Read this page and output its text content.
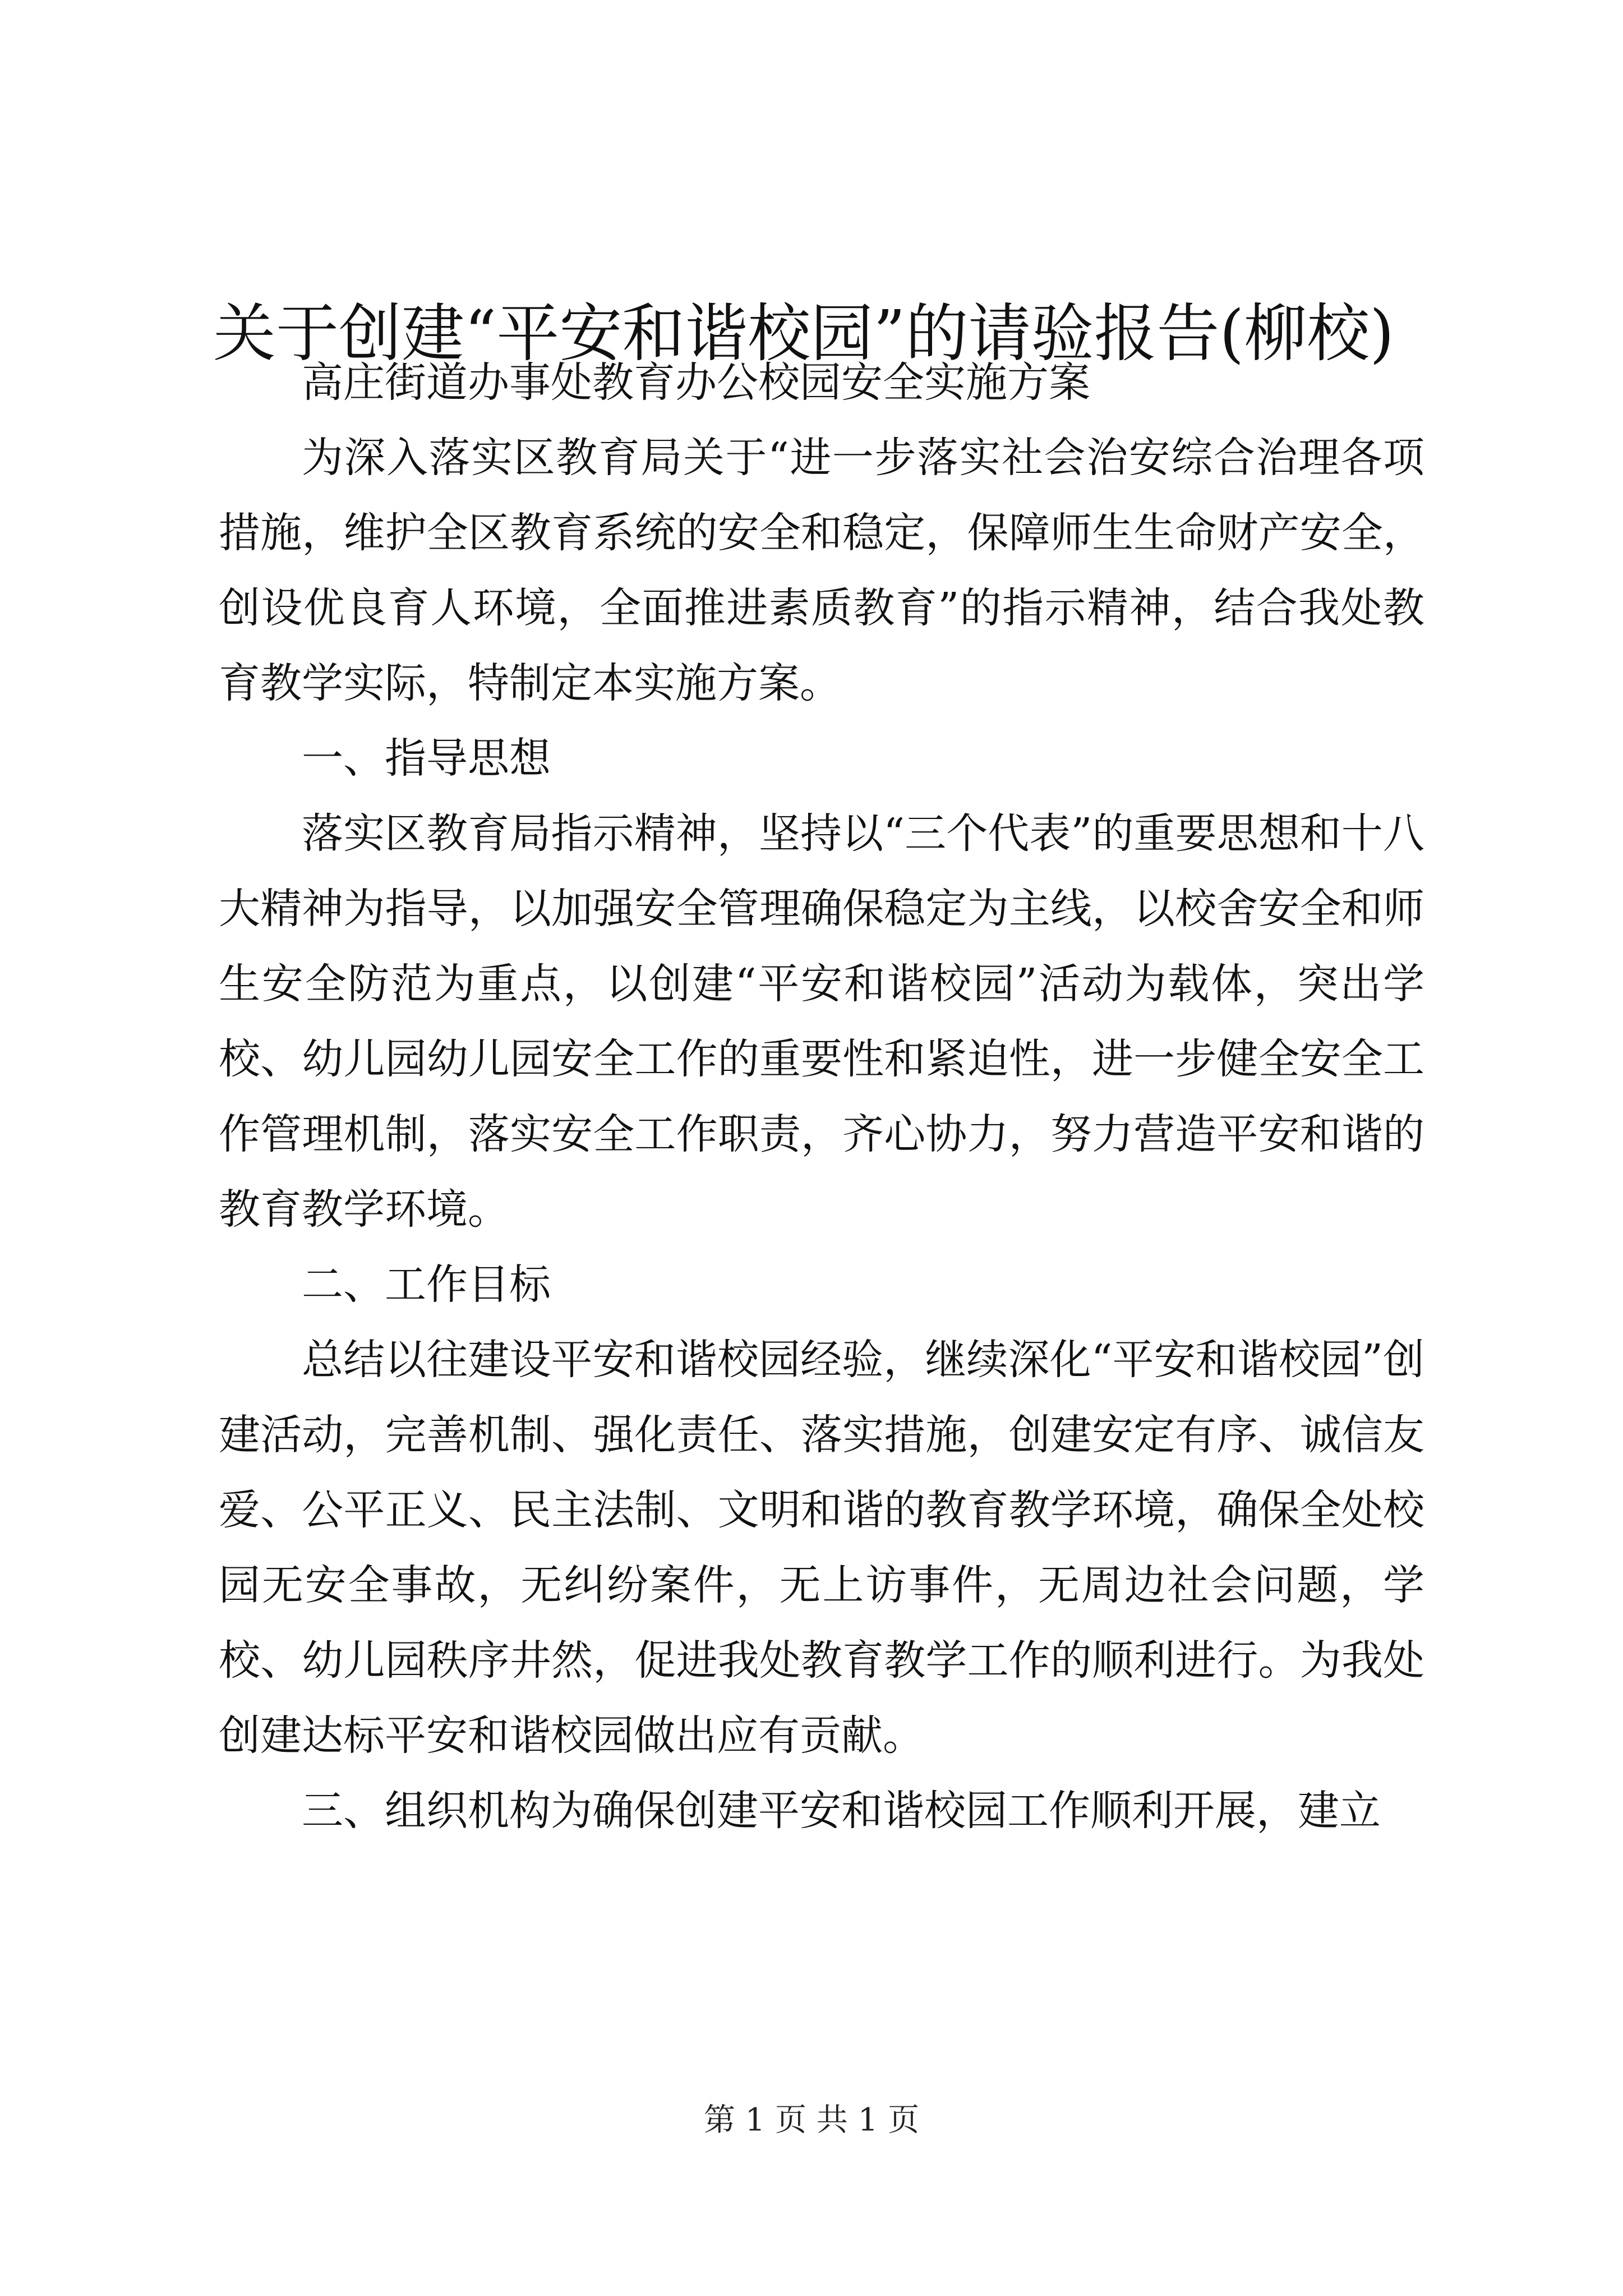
关于创建“平安和谐校园”的请验报告(柳校)

高庄街道办事处教育办公校园安全实施方案

为深入落实区教育局关于“进一步落实社会治安综合治理各项措施，维护全区教育系统的安全和稳定，保障师生生命财产安全，创设优良育人环境，全面推进素质教育”的指示精神，结合我处教育教学实际，特制定本实施方案。

一、指导思想

落实区教育局指示精神，坚持以“三个代表”的重要思想和十八大精神为指导，以加强安全管理确保稳定为主线，以校舍安全和师生安全防范为重点，以创建“平安和谐校园”活动为载体，突出学校、幼儿园幼儿园安全工作的重要性和紧迫性，进一步健全安全工作管理机制，落实安全工作职责，齐心协力，努力营造平安和谐的教育教学环境。

二、工作目标

总结以往建设平安和谐校园经验，继续深化“平安和谐校园”创建活动，完善机制、强化责任、落实措施，创建安定有序、诚信友爱、公平正义、民主法制、文明和谐的教育教学环境，确保全处校园无安全事故，无纠纷案件，无上访事件，无周边社会问题，学校、幼儿园秩序井然，促进我处教育教学工作的顺利进行。为我处创建达标平安和谐校园做出应有贡献。

三、组织机构为确保创建平安和谐校园工作顺利开展，建立

第 1 页 共 1 页
